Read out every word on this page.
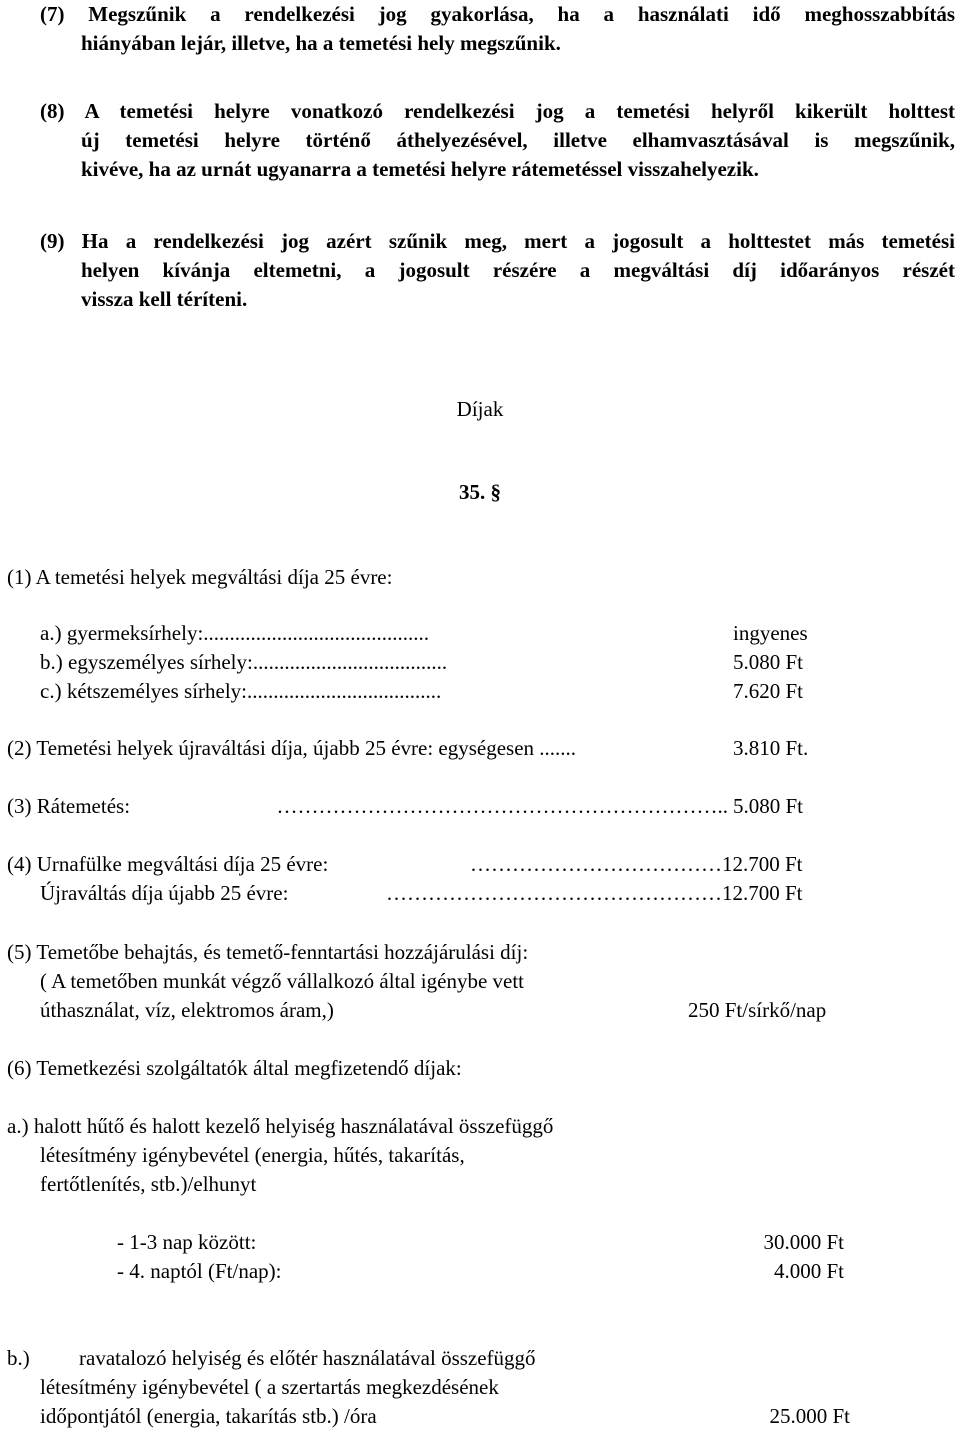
(7) Megszűnik a rendelkezési jog gyakorlása, ha a használati idő meghosszabbítás
hiányában lejár, illetve, ha a temetési hely megszűnik.
(8) A temetési helyre vonatkozó rendelkezési jog a temetési helyről kikerült holttest
új temetési helyre történő áthelyezésével, illetve elhamvasztásával is megszűnik,
kivéve, ha az urnát ugyanarra a temetési helyre rátemetéssel visszahelyezik.
(9) Ha a rendelkezési jog azért szűnik meg, mert a jogosult a holttestet más temetési
helyen kívánja eltemetni, a jogosult részére a megváltási díj időarányos részét
vissza kell téríteni.
Díjak
35. §
(1) A temetési helyek megváltási díja 25 évre:
a.) gyermeksírhely:...........................................	ingyenes
b.) egyszemélyes sírhely:.....................................	5.080 Ft
c.) kétszemélyes sírhely:.....................................	7.620 Ft
(2) Temetési helyek újraváltási díja, újabb 25 évre: egységesen .......	3.810 Ft.
(3) Rátemetés:	……………………………………………………….. 5.080 Ft
(4) Urnafülke megváltási díja 25 évre:	……………………………… 12.700 Ft
Újraváltás díja újabb 25 évre:	………………………………………… 12.700 Ft
(5) Temetőbe behajtás, és temető-fenntartási hozzájárulási díj:
( A temetőben munkát végző vállalkozó által igénybe vett
úthasználat, víz, elektromos áram,)	250 Ft/sírkő/nap
(6) Temetkezési szolgáltatók által megfizetendő díjak:
a.) halott hűtő és halott kezelő helyiség használatával összefüggő
létesítmény igénybevétel (energia, hűtés, takarítás,
fertőtlenítés, stb.)/elhunyt
- 1-3 nap között:	30.000 Ft
- 4. naptól (Ft/nap):	4.000 Ft
b.) ravatalozó helyiség és előtér használatával összefüggő
létesítmény igénybevétel ( a szertartás megkezdésének
időpontjától (energia, takarítás stb.) /óra	25.000 Ft
